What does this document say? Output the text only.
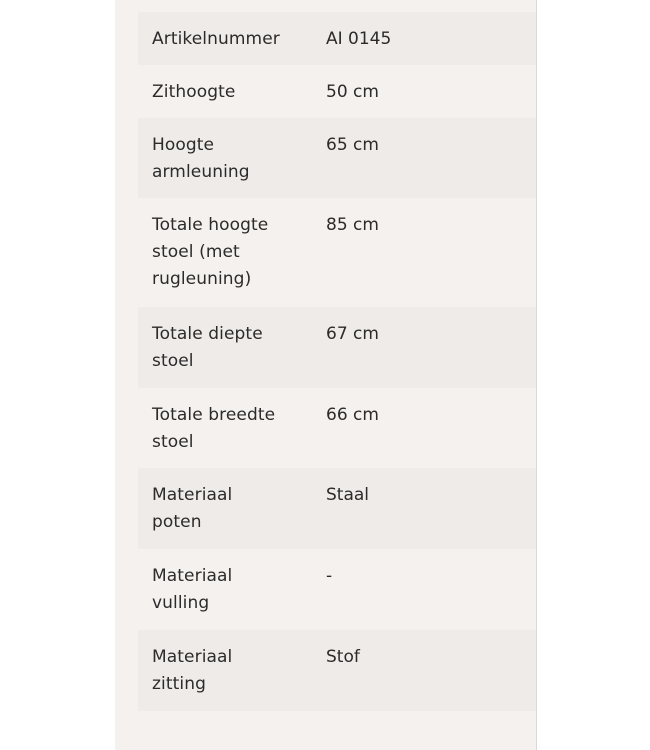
Artikelnummer	AI 0145
Zithoogte	50 cm
Hoogte armleuning
65 cm
Totale hoogte stoel (met rugleuning)
85 cm
Totale diepte stoel
67 cm
Totale breedte stoel
66 cm
Materiaal poten
Staal
Materiaal vulling
-
Materiaal zitting
Stof
